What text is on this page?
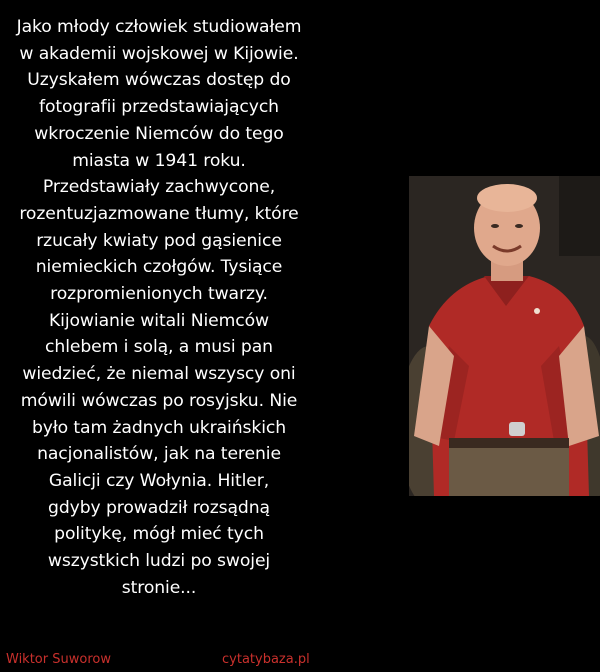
Jako młody człowiek studiowałem
w akademii wojskowej w Kijowie.
Uzyskałem wówczas dostęp do
fotografii przedstawiających
wkroczenie Niemców do tego
miasta w 1941 roku.
Przedstawiały zachwycone,
rozentuzjazmowane tłumy, które
rzucały kwiaty pod gąsienice
niemieckich czołgów. Tysiące
rozpromienionych twarzy.
Kijowianie witali Niemców
chlebem i solą, a musi pan
wiedzieć, że niemal wszyscy oni
mówili wówczas po rosyjsku. Nie
było tam żadnych ukraińskich
nacjonalistów, jak na terenie
Galicji czy Wołynia. Hitler,
gdyby prowadził rozsądną
politykę, mógł mieć tych
wszystkich ludzi po swojej
stronie...
Wiktor Suworow	cytatybaza.pl
